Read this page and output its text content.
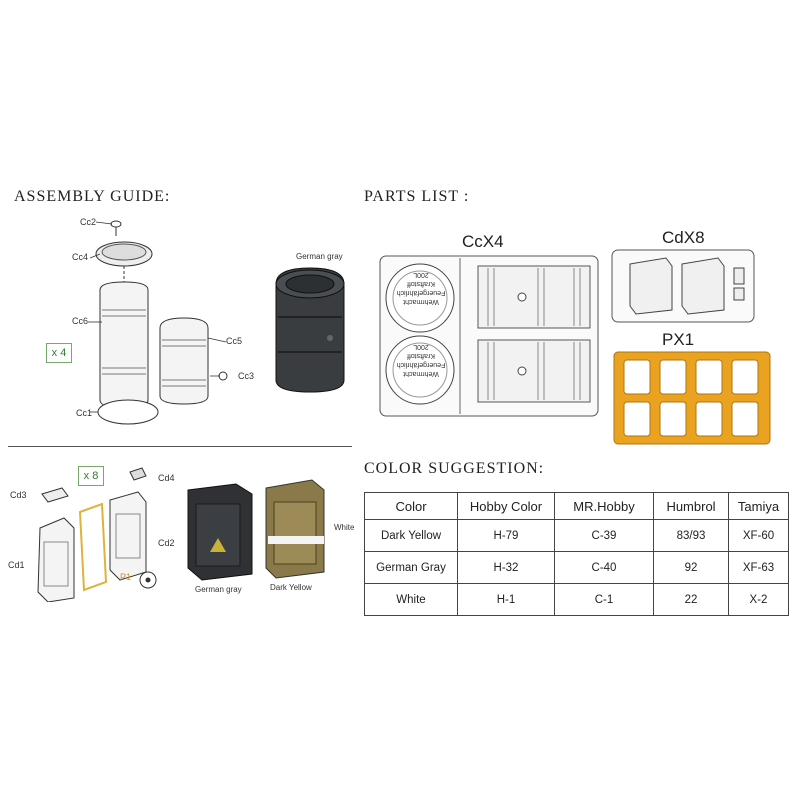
ASSEMBLY GUIDE:	PARTS LIST :
COLOR SUGGESTION:
Cc2
Cc4
Cc6
Cc5
Cc3
Cc1
x 4
German gray
x 8
Cd3
Cd4
Cd1
Cd2
P1
German gray
White
Dark Yellow
CcX4	CdX8
PX1
Wehrmacht
Feuergefährlich
Kraftstoff
200L
Wehrmacht
Feuergefährlich
Kraftstoff
200L
Color	Hobby Color	MR.Hobby	Humbrol	Tamiya
Dark Yellow	H-79	C-39	83/93	XF-60
German Gray	H-32	C-40	92	XF-63
White	H-1	C-1	22	X-2
